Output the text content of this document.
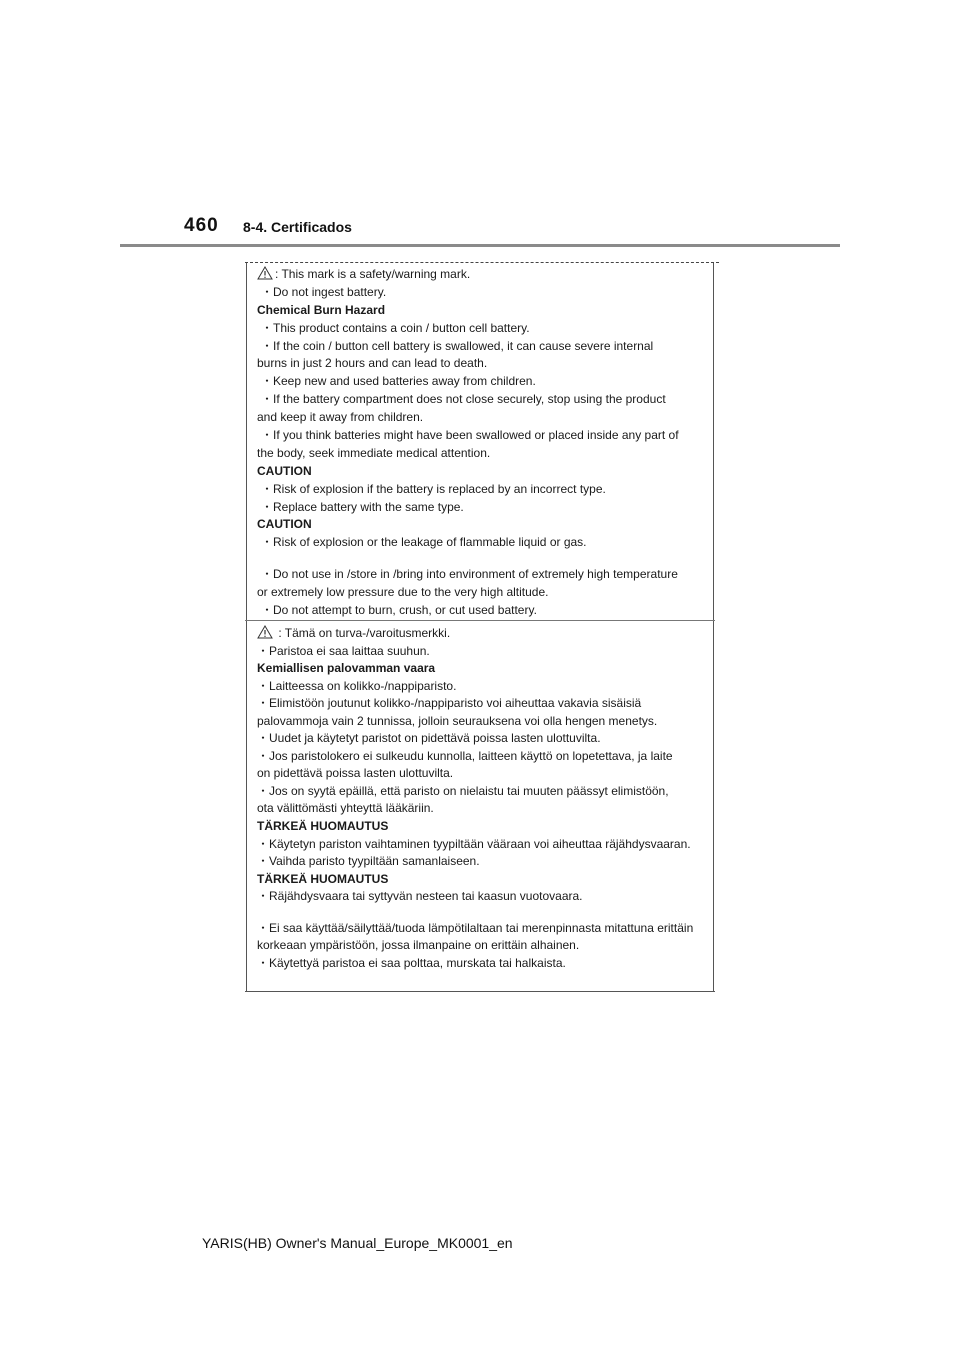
460 8-4. Certificados
: This mark is a safety/warning mark.
・Do not ingest battery.
Chemical Burn Hazard
・This product contains a coin / button cell battery.
・If the coin / button cell battery is swallowed, it can cause severe internal
burns in just 2 hours and can lead to death.
・Keep new and used batteries away from children.
・If the battery compartment does not close securely, stop using the product
and keep it away from children.
・If you think batteries might have been swallowed or placed inside any part of
the body, seek immediate medical attention.
CAUTION
・Risk of explosion if the battery is replaced by an incorrect type.
・Replace battery with the same type.
CAUTION
・Risk of explosion or the leakage of flammable liquid or gas.
・Do not use in /store in /bring into environment of extremely high temperature
or extremely low pressure due to the very high altitude.
・Do not attempt to burn, crush, or cut used battery.
: Tämä on turva-/varoitusmerkki.
・Paristoa ei saa laittaa suuhun.
Kemiallisen palovamman vaara
・Laitteessa on kolikko-/nappiparisto.
・Elimistöön joutunut kolikko-/nappiparisto voi aiheuttaa vakavia sisäisiä
palovammoja vain 2 tunnissa, jolloin seurauksena voi olla hengen menetys.
・Uudet ja käytetyt paristot on pidettävä poissa lasten ulottuvilta.
・Jos paristolokero ei sulkeudu kunnolla, laitteen käyttö on lopetettava, ja laite
on pidettävä poissa lasten ulottuvilta.
・Jos on syytä epäillä, että paristo on nielaistu tai muuten päässyt elimistöön,
ota välittömästi yhteyttä lääkäriin.
TÄRKEÄ HUOMAUTUS
・Käytetyn pariston vaihtaminen tyypiltään vääraan voi aiheuttaa räjähdysvaaran.
・Vaihda paristo tyypiltään samanlaiseen.
TÄRKEÄ HUOMAUTUS
・Räjähdysvaara tai syttyvän nesteen tai kaasun vuotovaara.
・Ei saa käyttää/säilyttää/tuoda lämpötilaltaan tai merenpinnasta mitattuna erittäin
korkeaan ympäristöön, jossa ilmanpaine on erittäin alhainen.
・Käytettyä paristoa ei saa polttaa, murskata tai halkaista.
YARIS(HB) Owner's Manual_Europe_MK0001_en
